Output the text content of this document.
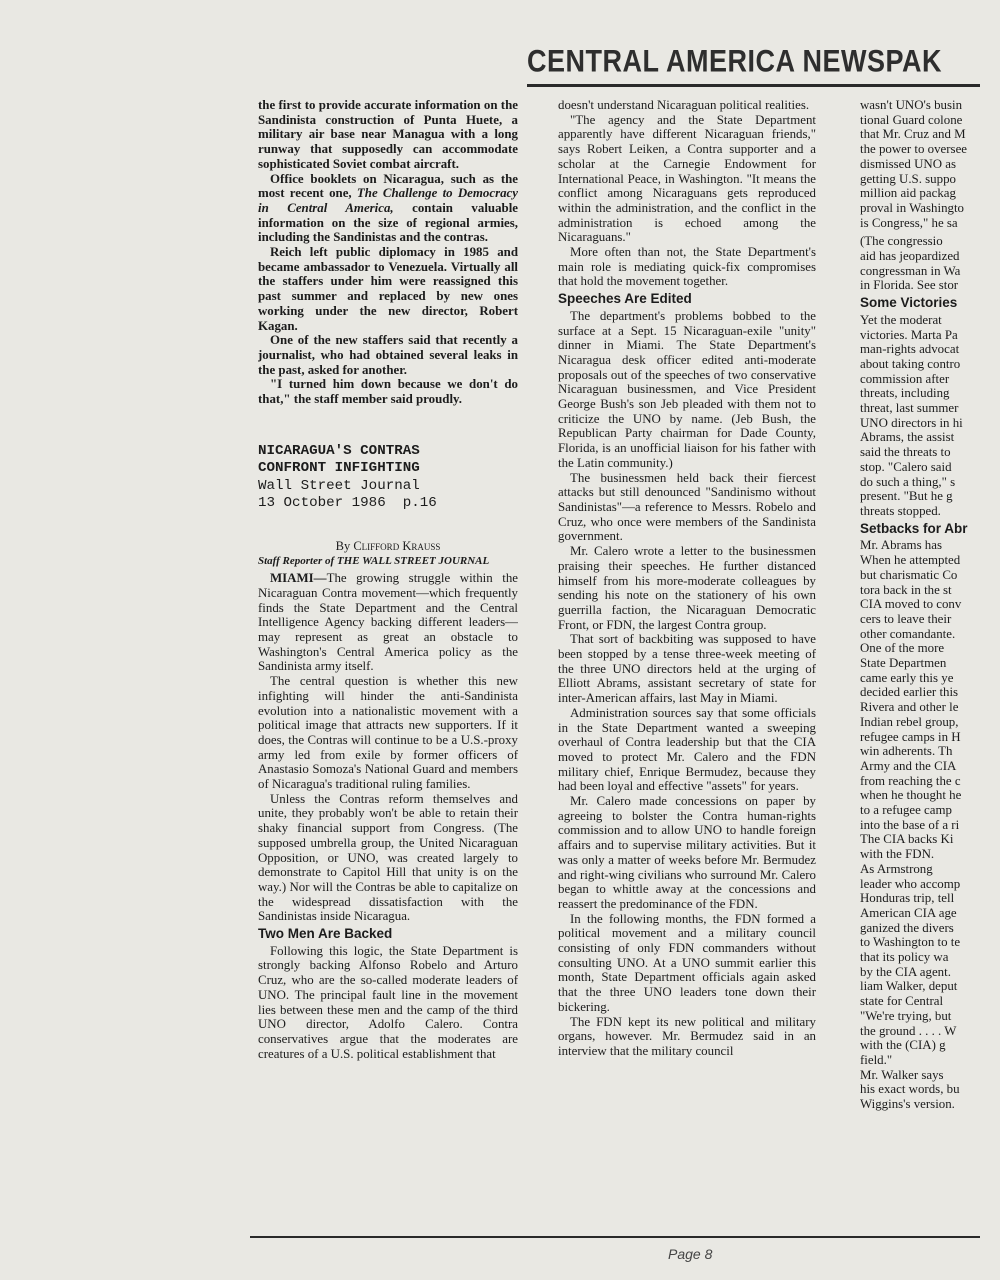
CENTRAL AMERICA NEWSPAK

the first to provide accurate information on the Sandinista construction of Punta Huete, a military air base near Managua with a long runway that supposedly can accommodate sophisticated Soviet combat aircraft.

Office booklets on Nicaragua, such as the most recent one, The Challenge to Democracy in Central America, contain valuable information on the size of regional armies, including the Sandinistas and the contras.

Reich left public diplomacy in 1985 and became ambassador to Venezuela. Virtually all the staffers under him were reassigned this past summer and replaced by new ones working under the new director, Robert Kagan.

One of the new staffers said that recently a journalist, who had obtained several leaks in the past, asked for another.

"I turned him down because we don't do that," the staff member said proudly.

NICARAGUA'S CONTRAS
CONFRONT INFIGHTING
Wall Street Journal
13 October 1986  p.16
By Clifford Krauss
Staff Reporter of THE WALL STREET JOURNAL

MIAMI—The growing struggle within the Nicaraguan Contra movement—which frequently finds the State Department and the Central Intelligence Agency backing different leaders—may represent as great an obstacle to Washington's Central America policy as the Sandinista army itself.

The central question is whether this new infighting will hinder the anti-Sandinista evolution into a nationalistic movement with a political image that attracts new supporters. If it does, the Contras will continue to be a U.S.-proxy army led from exile by former officers of Anastasio Somoza's National Guard and members of Nicaragua's traditional ruling families.

Unless the Contras reform themselves and unite, they probably won't be able to retain their shaky financial support from Congress. (The supposed umbrella group, the United Nicaraguan Opposition, or UNO, was created largely to demonstrate to Capitol Hill that unity is on the way.) Nor will the Contras be able to capitalize on the widespread dissatisfaction with the Sandinistas inside Nicaragua.

Two Men Are Backed

Following this logic, the State Department is strongly backing Alfonso Robelo and Arturo Cruz, who are the so-called moderate leaders of UNO. The principal fault line in the movement lies between these men and the camp of the third UNO director, Adolfo Calero. Contra conservatives argue that the moderates are creatures of a U.S. political establishment that

doesn't understand Nicaraguan political realities.

"The agency and the State Department apparently have different Nicaraguan friends," says Robert Leiken, a Contra supporter and a scholar at the Carnegie Endowment for International Peace, in Washington. "It means the conflict among Nicaraguans gets reproduced within the administration, and the conflict in the administration is echoed among the Nicaraguans."

More often than not, the State Department's main role is mediating quick-fix compromises that hold the movement together.

Speeches Are Edited

The department's problems bobbed to the surface at a Sept. 15 Nicaraguan-exile "unity" dinner in Miami. The State Department's Nicaragua desk officer edited anti-moderate proposals out of the speeches of two conservative Nicaraguan businessmen, and Vice President George Bush's son Jeb pleaded with them not to criticize the UNO by name. (Jeb Bush, the Republican Party chairman for Dade County, Florida, is an unofficial liaison for his father with the Latin community.)

The businessmen held back their fiercest attacks but still denounced "Sandinismo without Sandinistas"—a reference to Messrs. Robelo and Cruz, who once were members of the Sandinista government.

Mr. Calero wrote a letter to the businessmen praising their speeches. He further distanced himself from his more-moderate colleagues by sending his note on the stationery of his own guerrilla faction, the Nicaraguan Democratic Front, or FDN, the largest Contra group.

That sort of backbiting was supposed to have been stopped by a tense three-week meeting of the three UNO directors held at the urging of Elliott Abrams, assistant secretary of state for inter-American affairs, last May in Miami.

Administration sources say that some officials in the State Department wanted a sweeping overhaul of Contra leadership but that the CIA moved to protect Mr. Calero and the FDN military chief, Enrique Bermudez, because they had been loyal and effective "assets" for years.

Mr. Calero made concessions on paper by agreeing to bolster the Contra human-rights commission and to allow UNO to handle foreign affairs and to supervise military activities. But it was only a matter of weeks before Mr. Bermudez and right-wing civilians who surround Mr. Calero began to whittle away at the concessions and reassert the predominance of the FDN.

In the following months, the FDN formed a political movement and a military council consisting of only FDN commanders without consulting UNO. At a UNO summit earlier this month, State Department officials again asked that the three UNO leaders tone down their bickering.

The FDN kept its new political and military organs, however. Mr. Bermudez said in an interview that the military council

wasn't UNO's busin
tional Guard colone
that Mr. Cruz and M
the power to oversee
dismissed UNO as
getting U.S. suppo
million aid packag
proval in Washingto
is Congress," he sa
(The congressio
aid has jeopardized
congressman in Wa
in Florida. See stor
Some Victories
Yet the moderat
victories. Marta Pa
man-rights advocat
about taking contro
commission after
threats, including
threat, last summer
UNO directors in hi
Abrams, the assist
said the threats to
stop. "Calero said
do such a thing," s
present. "But he g
threats stopped.
Setbacks for Abr
Mr. Abrams has
When he attempted
but charismatic Co
tora back in the st
CIA moved to conv
cers to leave their
other comandante.
One of the more
State Departmen
came early this ye
decided earlier this
Rivera and other le
Indian rebel group,
refugee camps in H
win adherents. Th
Army and the CIA
from reaching the c
when he thought he
to a refugee camp
into the base of a ri
The CIA backs Ki
with the FDN.
As Armstrong
leader who accomp
Honduras trip, tell
American CIA age
ganized the divers
to Washington to te
that its policy wa
by the CIA agent.
liam Walker, deput
state for Central
"We're trying, but
the ground . . . . W
with the (CIA) g
field."
Mr. Walker says
his exact words, bu
Wiggins's version.
Page 8
